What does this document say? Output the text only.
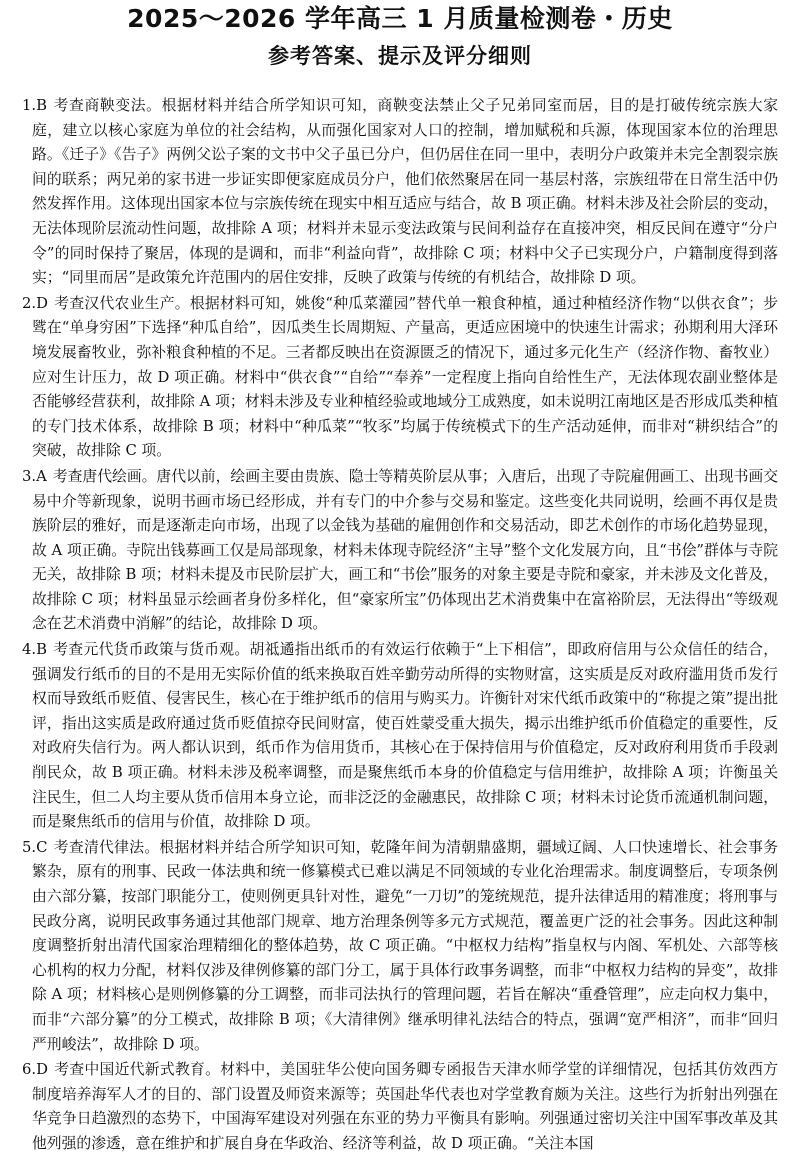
2025～2026 学年高三 1 月质量检测卷・历史
参考答案、提示及评分细则
1.B 考查商鞅变法。根据材料并结合所学知识可知，商鞅变法禁止父子兄弟同室而居，目的是打破传统宗族大家庭，建立以核心家庭为单位的社会结构，从而强化国家对人口的控制，增加赋税和兵源，体现国家本位的治理思路。《迁子》《告子》两例父讼子案的文书中父子虽已分户，但仍居住在同一里中，表明分户政策并未完全割裂宗族间的联系；两兄弟的家书进一步证实即便家庭成员分户，他们依然聚居在同一基层村落，宗族纽带在日常生活中仍然发挥作用。这体现出国家本位与宗族传统在现实中相互适应与结合，故 B 项正确。材料未涉及社会阶层的变动，无法体现阶层流动性问题，故排除 A 项；材料并未显示变法政策与民间利益存在直接冲突，相反民间在遵守“分户令”的同时保持了聚居，体现的是调和，而非“利益向背”，故排除 C 项；材料中父子已实现分户，户籍制度得到落实；“同里而居”是政策允许范围内的居住安排，反映了政策与传统的有机结合，故排除 D 项。
2.D 考查汉代农业生产。根据材料可知，姚俊“种瓜菜灌园”替代单一粮食种植，通过种植经济作物“以供衣食”；步骘在“单身穷困”下选择“种瓜自给”，因瓜类生长周期短、产量高，更适应困境中的快速生计需求；孙期利用大泽环境发展畜牧业，弥补粮食种植的不足。三者都反映出在资源匮乏的情况下，通过多元化生产（经济作物、畜牧业）应对生计压力，故 D 项正确。材料中“供衣食”“自给”“奉养”一定程度上指向自给性生产，无法体现农副业整体是否能够经营获利，故排除 A 项；材料未涉及专业种植经验或地域分工成熟度，如未说明江南地区是否形成瓜类种植的专门技术体系，故排除 B 项；材料中“种瓜菜”“牧豕”均属于传统模式下的生产活动延伸，而非对“耕织结合”的突破，故排除 C 项。
3.A 考查唐代绘画。唐代以前，绘画主要由贵族、隐士等精英阶层从事；入唐后，出现了寺院雇佣画工、出现书画交易中介等新现象，说明书画市场已经形成，并有专门的中介参与交易和鉴定。这些变化共同说明，绘画不再仅是贵族阶层的雅好，而是逐渐走向市场，出现了以金钱为基础的雇佣创作和交易活动，即艺术创作的市场化趋势显现，故 A 项正确。寺院出钱募画工仅是局部现象，材料未体现寺院经济“主导”整个文化发展方向，且“书侩”群体与寺院无关，故排除 B 项；材料未提及市民阶层扩大，画工和“书侩”服务的对象主要是寺院和豪家，并未涉及文化普及，故排除 C 项；材料虽显示绘画者身份多样化，但“豪家所宝”仍体现出艺术消费集中在富裕阶层，无法得出“等级观念在艺术消费中消解”的结论，故排除 D 项。
4.B 考查元代货币政策与货币观。胡祗遹指出纸币的有效运行依赖于“上下相信”，即政府信用与公众信任的结合，强调发行纸币的目的不是用无实际价值的纸来换取百姓辛勤劳动所得的实物财富，这实质是反对政府滥用货币发行权而导致纸币贬值、侵害民生，核心在于维护纸币的信用与购买力。许衡针对宋代纸币政策中的“称提之策”提出批评，指出这实质是政府通过货币贬值掠夺民间财富，使百姓蒙受重大损失，揭示出维护纸币价值稳定的重要性，反对政府失信行为。两人都认识到，纸币作为信用货币，其核心在于保持信用与价值稳定，反对政府利用货币手段剥削民众，故 B 项正确。材料未涉及税率调整，而是聚焦纸币本身的价值稳定与信用维护，故排除 A 项；许衡虽关注民生，但二人均主要从货币信用本身立论，而非泛泛的金融惠民，故排除 C 项；材料未讨论货币流通机制问题，而是聚焦纸币的信用与价值，故排除 D 项。
5.C 考查清代律法。根据材料并结合所学知识可知，乾隆年间为清朝鼎盛期，疆域辽阔、人口快速增长、社会事务繁杂，原有的刑事、民政一体法典和统一修纂模式已难以满足不同领域的专业化治理需求。制度调整后，专项条例由六部分纂，按部门职能分工，使则例更具针对性，避免“一刀切”的笼统规范，提升法律适用的精准度；将刑事与民政分离，说明民政事务通过其他部门规章、地方治理条例等多元方式规范，覆盖更广泛的社会事务。因此这种制度调整折射出清代国家治理精细化的整体趋势，故 C 项正确。“中枢权力结构”指皇权与内阁、军机处、六部等核心机构的权力分配，材料仅涉及律例修纂的部门分工，属于具体行政事务调整，而非“中枢权力结构的异变”，故排除 A 项；材料核心是则例修纂的分工调整，而非司法执行的管理问题，若旨在解决“重叠管理”，应走向权力集中，而非“六部分纂”的分工模式，故排除 B 项；《大清律例》继承明律礼法结合的特点，强调“宽严相济”，而非“回归严刑峻法”，故排除 D 项。
6.D 考查中国近代新式教育。材料中，美国驻华公使向国务卿专函报告天津水师学堂的详细情况，包括其仿效西方制度培养海军人才的目的、部门设置及师资来源等；英国赴华代表也对学堂教育颇为关注。这些行为折射出列强在华竞争日趋激烈的态势下，中国海军建设对列强在东亚的势力平衡具有影响。列强通过密切关注中国军事改革及其他列强的渗透，意在维护和扩展自身在华政治、经济等利益，故 D 项正确。“关注本国
